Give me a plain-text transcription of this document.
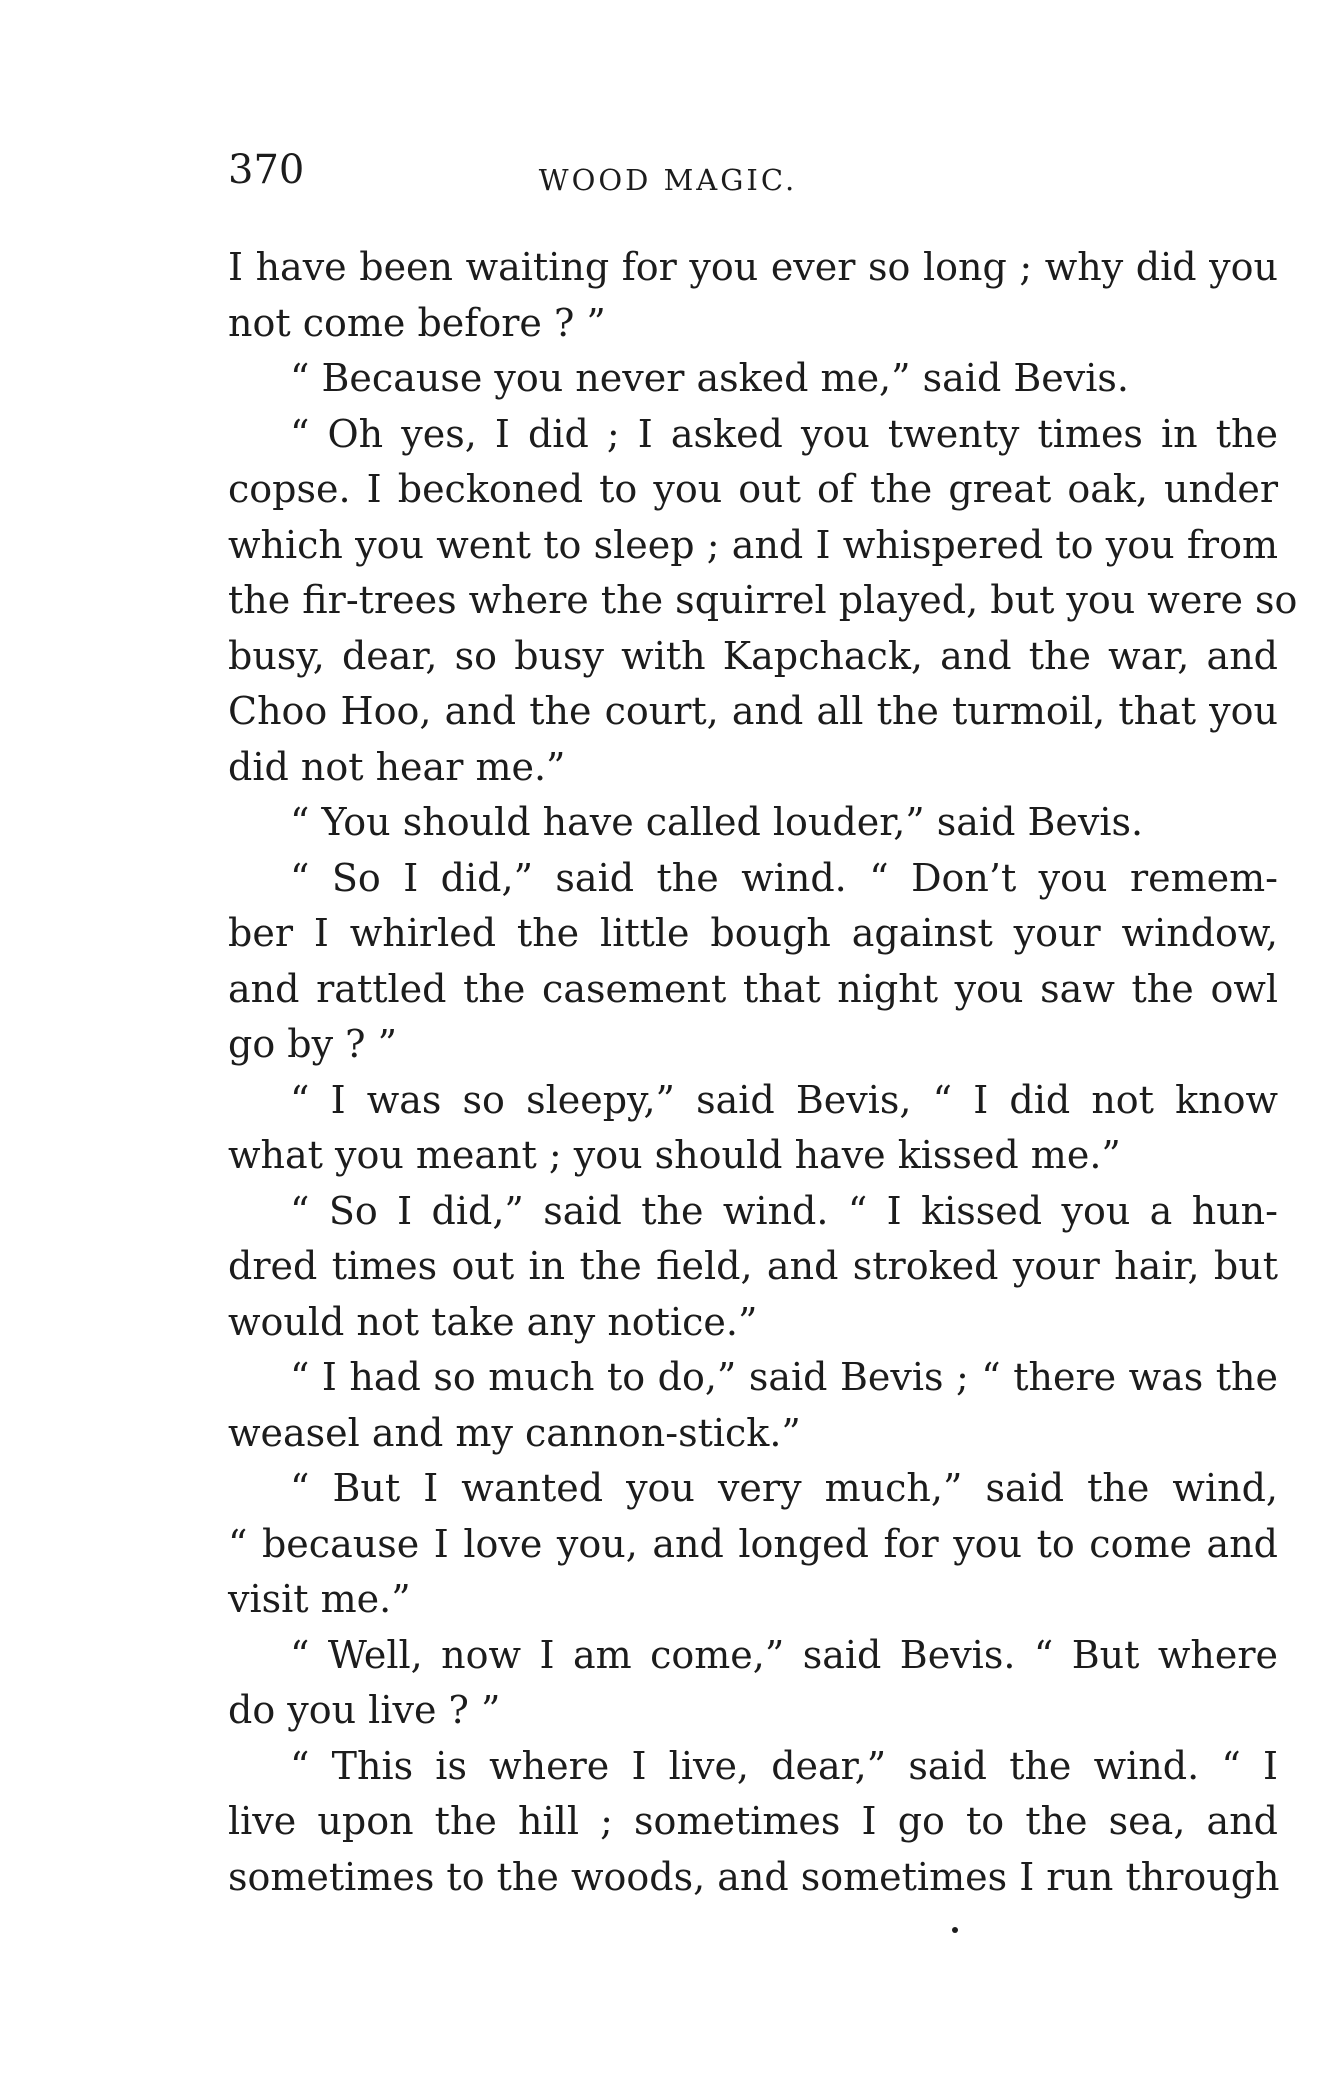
370	WOOD MAGIC.
I have been waiting for you ever so long ; why did you
not come before ? ”
“ Because you never asked me,” said Bevis.
“ Oh yes, I did ; I asked you twenty times in the
copse. I beckoned to you out of the great oak, under
which you went to sleep ; and I whispered to you from
the fir-trees where the squirrel played, but you were so
busy, dear, so busy with Kapchack, and the war, and
Choo Hoo, and the court, and all the turmoil, that you
did not hear me.”
“ You should have called louder,” said Bevis.
“ So I did,” said the wind. “ Don’t you remem-
ber I whirled the little bough against your window,
and rattled the casement that night you saw the owl
go by ? ”
“ I was so sleepy,” said Bevis, “ I did not know
what you meant ; you should have kissed me.”
“ So I did,” said the wind. “ I kissed you a hun-
dred times out in the field, and stroked your hair, but
would not take any notice.”
“ I had so much to do,” said Bevis ; “ there was the
weasel and my cannon-stick.”
“ But I wanted you very much,” said the wind,
“ because I love you, and longed for you to come and
visit me.”
“ Well, now I am come,” said Bevis. “ But where
do you live ? ”
“ This is where I live, dear,” said the wind. “ I
live upon the hill ; sometimes I go to the sea, and
sometimes to the woods, and sometimes I run through
